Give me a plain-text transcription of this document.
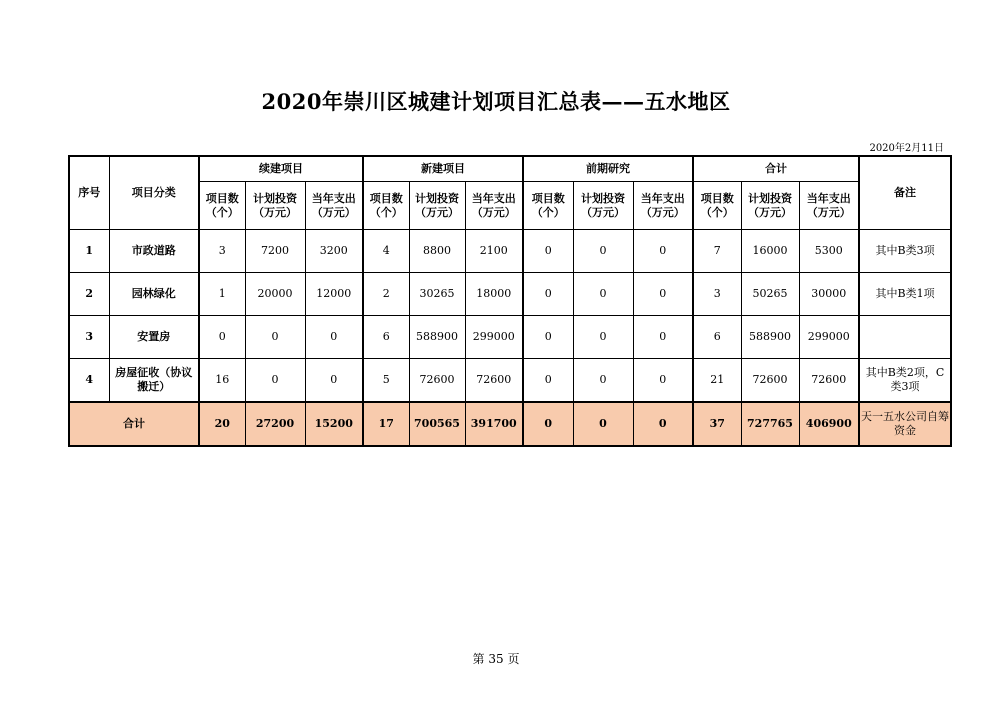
2020年崇川区城建计划项目汇总表——五水地区
2020年2月11日
序号	项目分类	续建项目			新建项目			前期研究			合计			备注
		项目数（个）	计划投资（万元）	当年支出（万元）	项目数（个）	计划投资（万元）	当年支出（万元）	项目数（个）	计划投资（万元）	当年支出（万元）	项目数（个）	计划投资（万元）	当年支出（万元）	
1	市政道路	3	7200	3200	4	8800	2100	0	0	0	7	16000	5300	其中B类3项
2	园林绿化	1	20000	12000	2	30265	18000	0	0	0	3	50265	30000	其中B类1项
3	安置房	0	0	0	6	588900	299000	0	0	0	6	588900	299000	
4	房屋征收（协议搬迁）	16	0	0	5	72600	72600	0	0	0	21	72600	72600	其中B类2项，C类3项
合计		20	27200	15200	17	700565	391700	0	0	0	37	727765	406900	天一五水公司自筹资金
第 35 页
